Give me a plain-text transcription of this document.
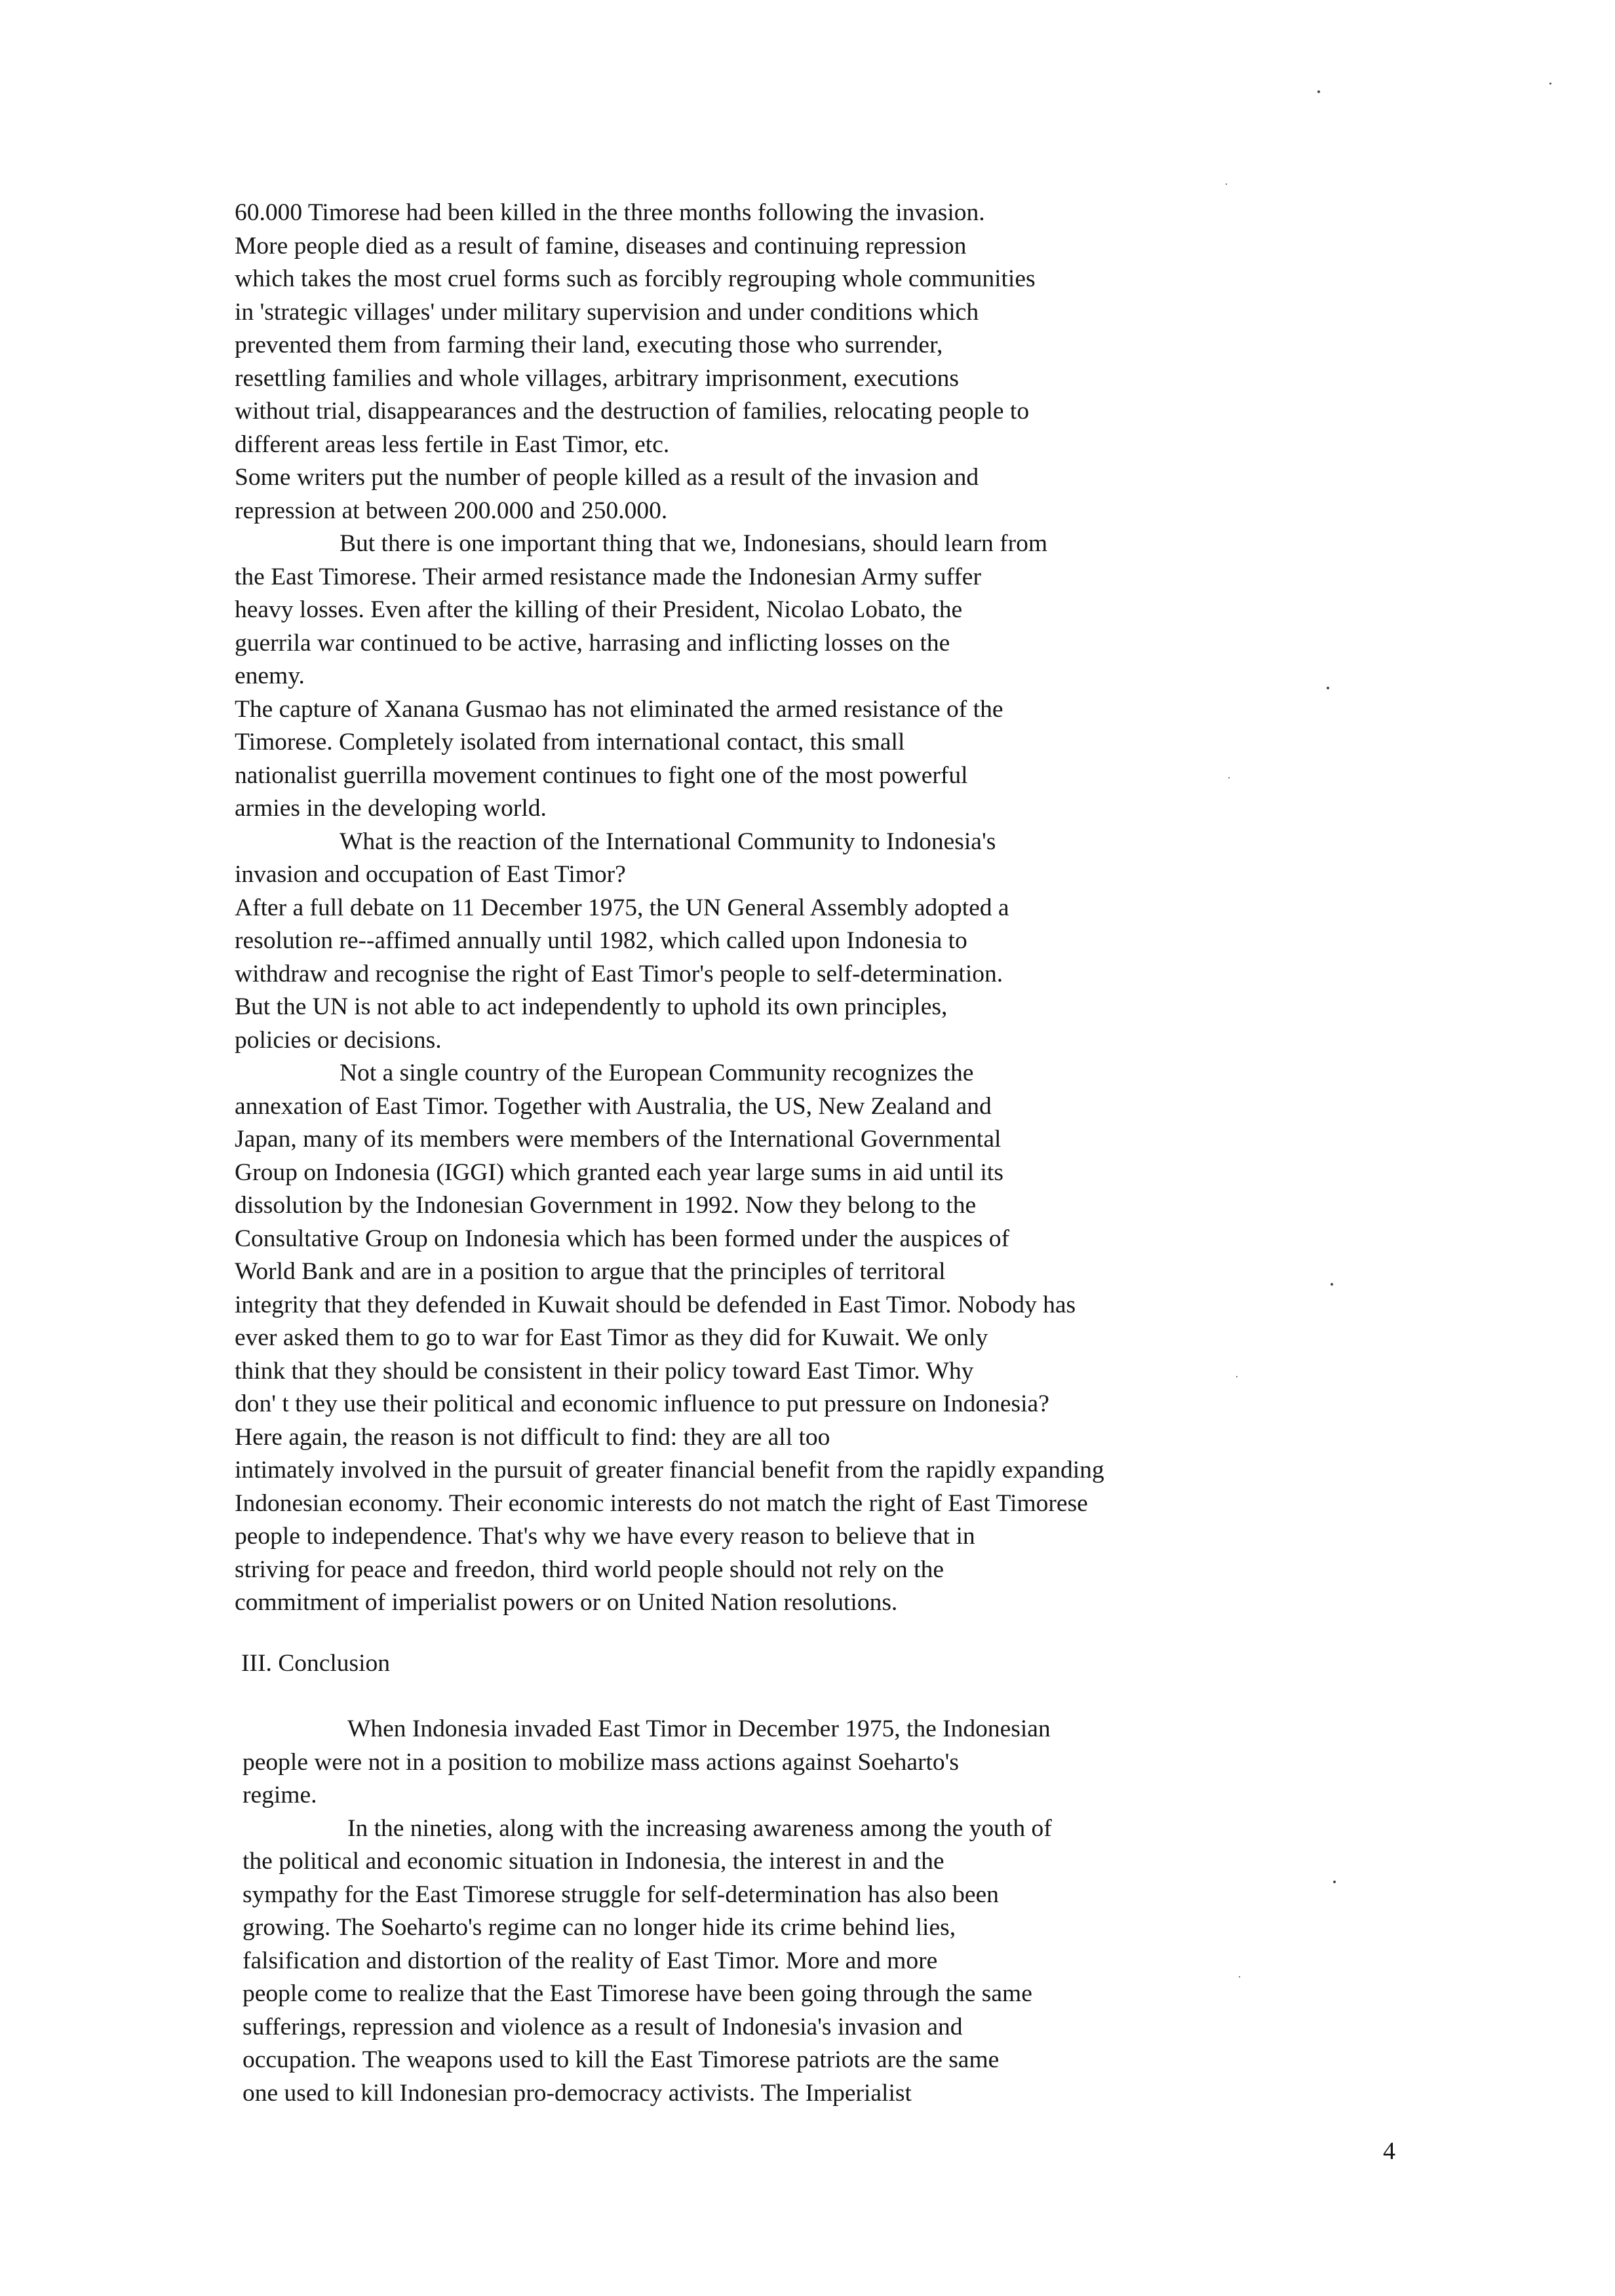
60.000 Timorese had been killed in the three months following the invasion.
More people died as a result of famine, diseases and continuing repression
which takes the most cruel forms such as forcibly regrouping whole communities
in 'strategic villages' under military supervision and under conditions which
prevented them from farming their land, executing those who surrender,
resettling families and whole villages, arbitrary imprisonment, executions
without trial, disappearances and the destruction of families, relocating people to
different areas less fertile in East Timor, etc.
Some writers put the number of people killed as a result of the invasion and
repression at between 200.000 and 250.000.
But there is one important thing that we, Indonesians, should learn from
the East Timorese. Their armed resistance made the Indonesian Army suffer
heavy losses. Even after the killing of their President, Nicolao Lobato, the
guerrila war continued to be active, harrasing and inflicting losses on the
enemy.
The capture of Xanana Gusmao has not eliminated the armed resistance of the
Timorese. Completely isolated from international contact, this small
nationalist guerrilla movement continues to fight one of the most powerful
armies in the developing world.
What is the reaction of the International Community to Indonesia's
invasion and occupation of East Timor?
After a full debate on 11 December 1975, the UN General Assembly adopted a
resolution re--affimed annually until 1982, which called upon Indonesia to
withdraw and recognise the right of East Timor's people to self-determination.
But the UN is not able to act independently to uphold its own principles,
policies or decisions.
Not a single country of the European Community recognizes the
annexation of East Timor. Together with Australia, the US, New Zealand and
Japan, many of its members were members of the International Governmental
Group on Indonesia (IGGI) which granted each year large sums in aid until its
dissolution by the Indonesian Government in 1992. Now they belong to the
Consultative Group on Indonesia which has been formed under the auspices of
World Bank and are in a position to argue that the principles of territoral
integrity that they defended in Kuwait should be defended in East Timor. Nobody has
ever asked them to go to war for East Timor as they did for Kuwait. We only
think that they should be consistent in their policy toward East Timor. Why
don' t they use their political and economic influence to put pressure on Indonesia?
Here again, the reason is not difficult to find: they are all too
intimately involved in the pursuit of greater financial benefit from the rapidly expanding
Indonesian economy. Their economic interests do not match the right of East Timorese
people to independence. That's why we have every reason to believe that in
striving for peace and freedon, third world people should not rely on the
commitment of imperialist powers or on United Nation resolutions.
III. Conclusion
When Indonesia invaded East Timor in December 1975, the Indonesian
people were not in a position to mobilize mass actions against Soeharto's
regime.
In the nineties, along with the increasing awareness among the youth of
the political and economic situation in Indonesia, the interest in and the
sympathy for the East Timorese struggle for self-determination has also been
growing. The Soeharto's regime can no longer hide its crime behind lies,
falsification and distortion of the reality of East Timor. More and more
people come to realize that the East Timorese have been going through the same
sufferings, repression and violence as a result of Indonesia's invasion and
occupation. The weapons used to kill the East Timorese patriots are the same
one used to kill Indonesian pro-democracy activists. The Imperialist
4
